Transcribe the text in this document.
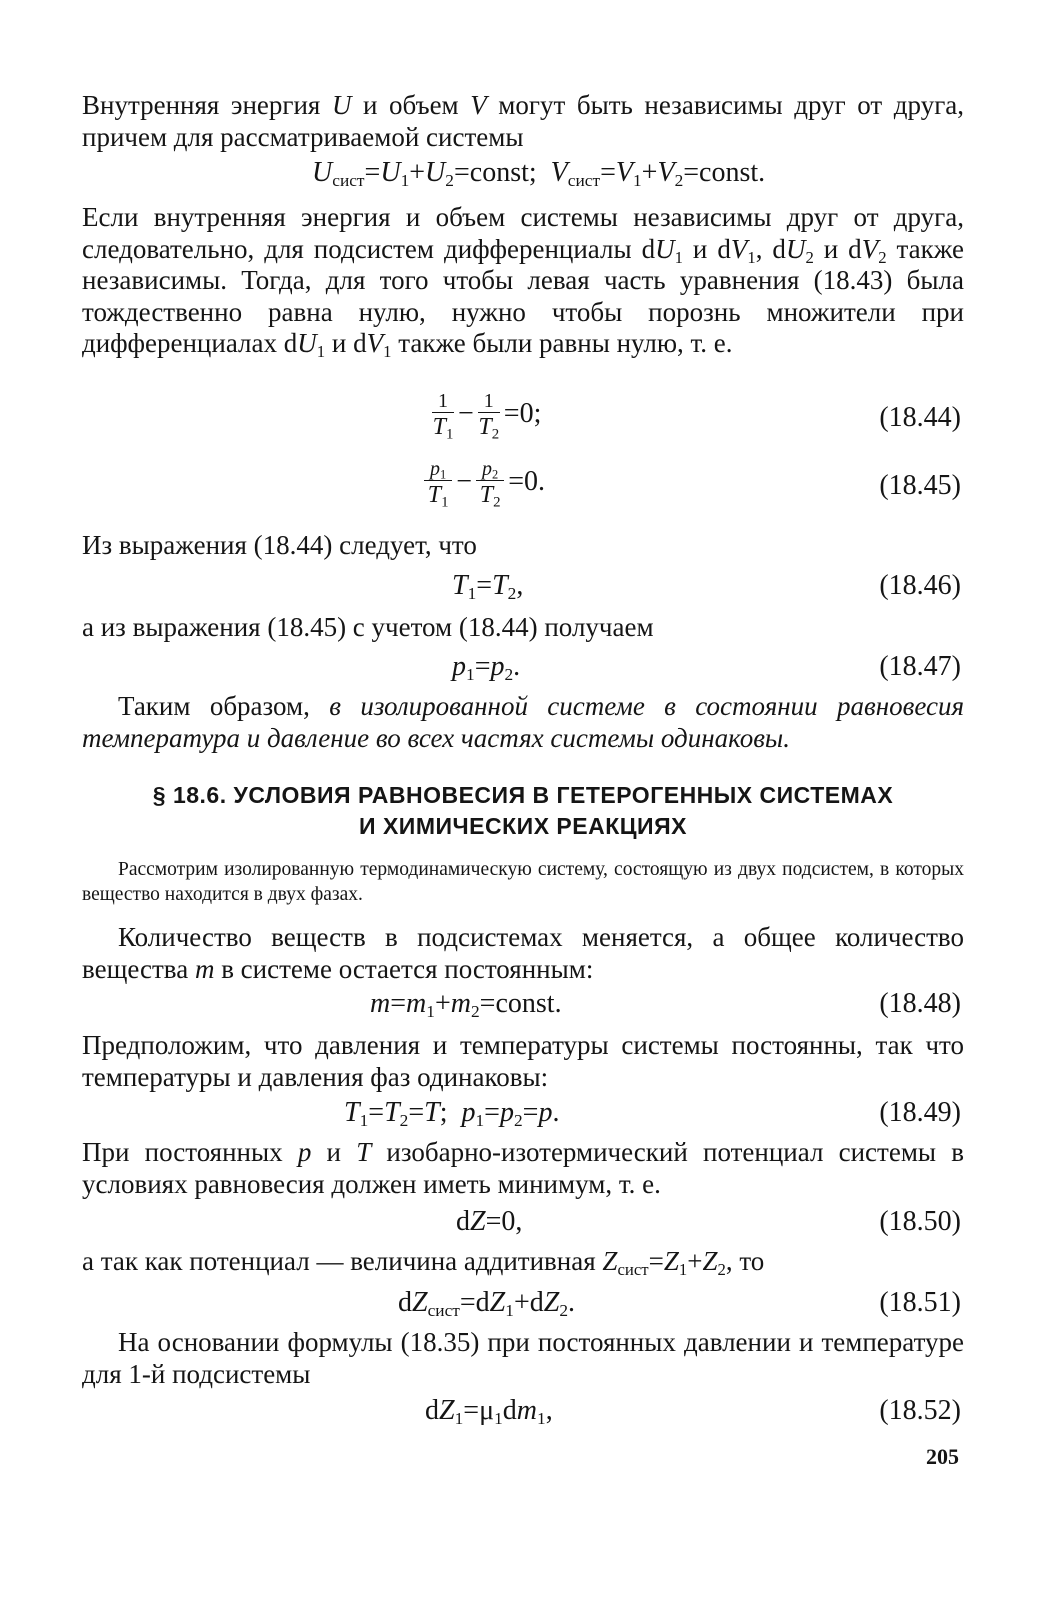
Внутренняя энергия U и объем V могут быть независимы друг от друга, причем для рассматриваемой системы

$U_{сист}=U_1+U_2=const$; $V_{сист}=V_1+V_2=const$.

Если внутренняя энергия и объем системы независимы друг от друга, следовательно, для подсистем дифференциалы $dU_1$ и $dV_1$, $dU_2$ и $dV_2$ также независимы. Тогда, для того чтобы левая часть уравнения (18.43) была тождественно равна нулю, нужно чтобы порознь множители при дифференциалах $dU_1$ и $dV_1$ также были равны нулю, т. е.

$\frac{1}{T_1} - \frac{1}{T_2} =0$;	(18.44)
$\frac{p_1}{T_1} - \frac{p_2}{T_2} =0$.	(18.45)

Из выражения (18.44) следует, что

$T_1=T_2$,	(18.46)

а из выражения (18.45) с учетом (18.44) получаем

$p_1=p_2$.	(18.47)

Таким образом, в изолированной системе в состоянии равновесия температура и давление во всех частях системы одинаковы.

§ 18.6. УСЛОВИЯ РАВНОВЕСИЯ В ГЕТЕРОГЕННЫХ СИСТЕМАХ
И ХИМИЧЕСКИХ РЕАКЦИЯХ

Рассмотрим изолированную термодинамическую систему, состоящую из двух подсистем, в которых вещество находится в двух фазах.

Количество веществ в подсистемах меняется, а общее количество вещества m в системе остается постоянным:

$m=m_1+m_2=const$.	(18.48)

Предположим, что давления и температуры системы постоянны, так что температуры и давления фаз одинаковы:

$T_1=T_2=T$; $p_1=p_2=p$.	(18.49)

При постоянных p и T изобарно-изотермический потенциал системы в условиях равновесия должен иметь минимум, т. е.

dZ=0,	(18.50)

а так как потенциал — величина аддитивная $Z_{сист}=Z_1+Z_2$, то

$dZ_{сист}=dZ_1+dZ_2$.	(18.51)

На основании формулы (18.35) при постоянных давлении и температуре для 1-й подсистемы

$dZ_1=\mu_1dm_1$,	(18.52)
205
